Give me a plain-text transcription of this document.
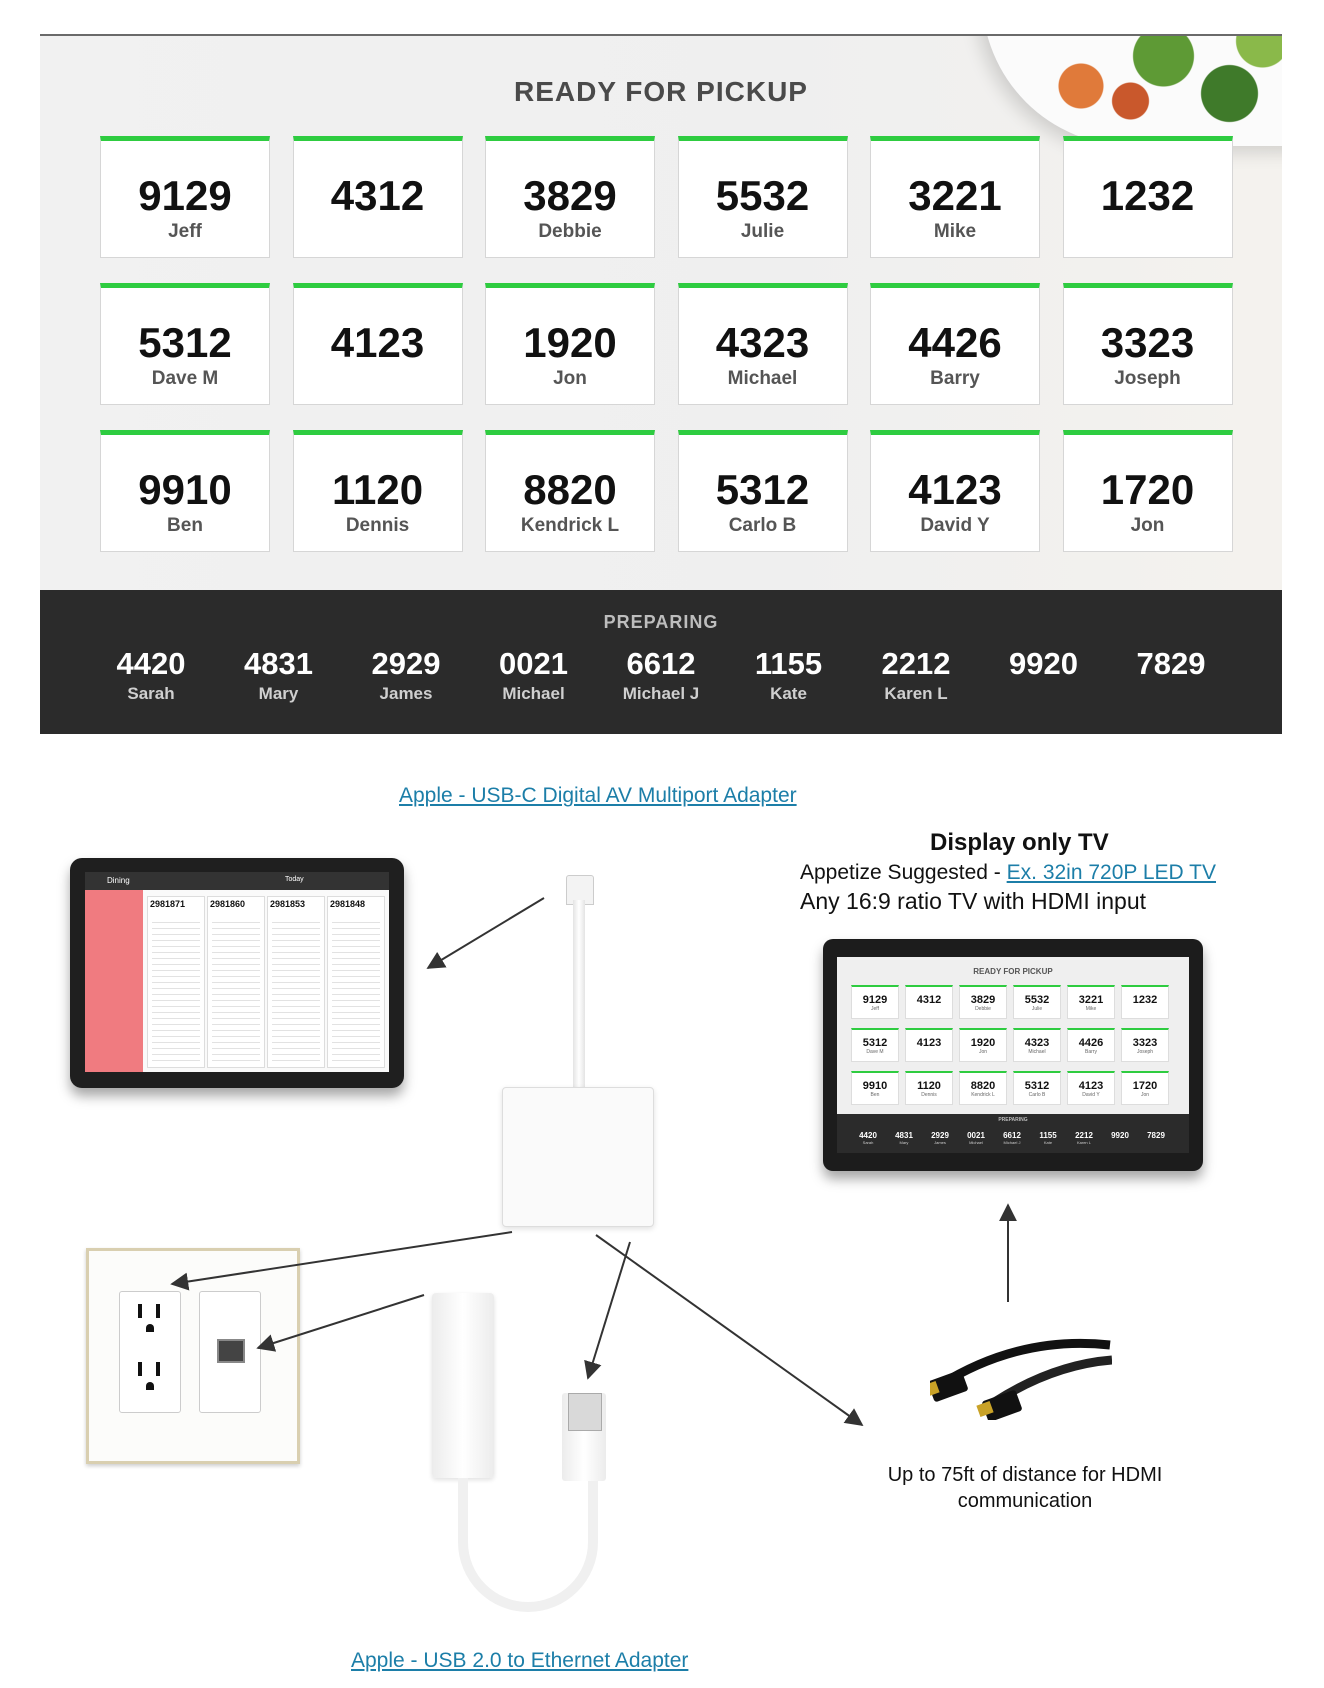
READY FOR PICKUP
9129
Jeff
4312	3829
Debbie
5532
Julie
3221
Mike
1232
5312
Dave M
4123	1920
Jon
4323
Michael
4426
Barry
3323
Joseph
9910
Ben
1120
Dennis
8820
Kendrick L
5312
Carlo B
4123
David Y
1720
Jon
PREPARING
4420
Sarah
4831
Mary
2929
James
0021
Michael
6612
Michael J
1155
Kate
2212
Karen L
9920	7829
Apple - USB-C Digital AV Multiport Adapter
Apple - USB 2.0 to Ethernet Adapter
Display only TV
Appetize Suggested - Ex. 32in 720P LED TV
Any 16:9 ratio TV with HDMI input
Up to 75ft of distance for HDMI communication
Dining	Today
2981871	2981860	2981853	2981848
READY FOR PICKUP
9129
Jeff
4312	3829
Debbie
5532
Julie
3221
Mike
1232
5312
Dave M
4123	1920
Jon
4323
Michael
4426
Barry
3323
Joseph
9910
Ben
1120
Dennis
8820
Kendrick L
5312
Carlo B
4123
David Y
1720
Jon
PREPARING
4420
Sarah
4831
Mary
2929
James
0021
Michael
6612
Michael J
1155
Kate
2212
Karen L
9920	7829
